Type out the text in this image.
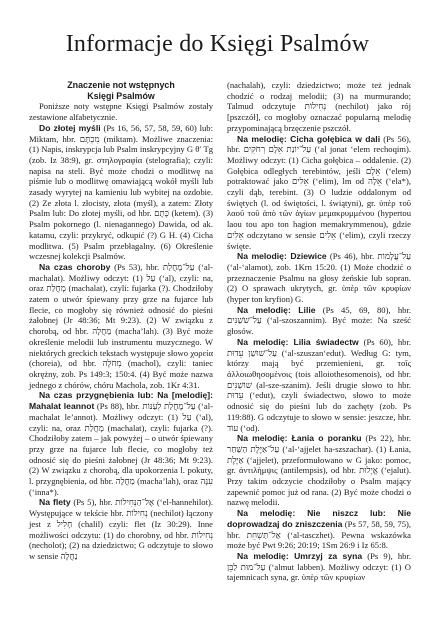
Informacje do Księgi Psalmów
Znaczenie not wstępnych
Księgi Psalmów

Poniższe noty wstępne Księgi Psalmów zostały zestawione alfabetycznie.

Do złotej myśli (Ps 16, 56, 57, 58, 59, 60) lub: Miktam, hbr. מִכְתָּם (miktam). Możliwe znaczenia: (1) Napis, inskrypcja lub Psalm inskrypcyjny G θʹ Tg (zob. Iz 38:9), gr. στηλογραφία (stelografia); czyli: napisa na steli. Być może chodzi o modlitwę na piśmie lub o modlitwę omawiającą wokół myśli lub zasady wyrytej na kamieniu lub wybitej na ozdobie. (2) Ze złota l. złocisty, złota (myśl), a zatem: Złoty Psalm lub: Do złotej myśli, od hbr. כֶּתֶם (ketem). (3) Psalm pokornego (l. nienagannego) Dawida, od ak. katamu, czyli: przykryć, odkupić (?) G H. (4) Cicha modlitwa. (5) Psalm przebłagalny. (6) Określenie wczesnej kolekcji Psalmów.

Na czas choroby (Ps 53), hbr. עַל־מָחֲלַת (‘al-machalat). Możliwy odczyt: (1) עַל (‘al), czyli: na, oraz מָחֲלַת (machalat), czyli: fujarka (?). Chodziłoby zatem o utwór śpiewany przy grze na fujarce lub flecie, co mogłoby się również odnosić do pieśni żałobnej (Jr 48:36; Mt 9:23). (2) W związku z chorobą, od hbr. מַחֲלָה (machaʼlah). (3) Być może określenie melodii lub instrumentu muzycznego. W niektórych greckich tekstach występuje słowo χορεία (choreia), od hbr. מְחֹלָה (machol), czyli: taniec okrężny, zob. Ps 149:3; 150:4. (4) Być może nazwa jednego z chórów, chóru Machola, zob. 1Kr 4:31.

Na czas przygnębienia lub: Na [melodię]: Mahalat leannot (Ps 88), hbr. עַל־מָחֲלַת לְעַנּוֹת (‘al-machalat le’annot). Możliwy odczyt: (1) עַל (‘al), czyli: na, oraz מָחֲלַת (machalat), czyli: fujarka (?). Chodziłoby zatem – jak powyżej – o utwór śpiewany przy grze na fujarce lub flecie, co mogłoby też odnosić się do pieśni żałobnej (Jr 48:36; Mt 9:23). (2) W związku z chorobą, dla upokorzenia l. pokuty, l. przygnębienia, od hbr. מַחֲלָה (machaʼlah), oraz עִנָּה (‘inna*).

Na flety (Ps 5), hbr. אֶל־הַנְּחִילוֹת (‘el-hannehilot). Występujące w tekście hbr. נְחִילוֹת (nechilot) łączony jest z חָלִיל (chalil) czyli: flet (Iz 30:29). Inne możliwości odczytu: (1) do chorobny, od hbr. נְחִילוֹת (necholot); (2) na dziedzictwo; G odczytuje to słowo w sensie נַחֲלָה

(nachalah), czyli: dziedzictwo; może też jednak chodzić o rodzaj melodii; (3) na murmurando; Talmud odczytuje נְחִילוֹת (nechilot) jako rój [pszczół], co mogłoby oznaczać popularną melodię przypominającą brzęczenie pszczół.

Na melodię: Cicha gołębica w dali (Ps 56), hbr. עַל־יוֹנַת אֵלֶם רְחֹקִים (‘al jonat ‘elem rechoqim). Możliwy odczyt: (1) Cicha gołębica – oddalenie. (2) Gołębica odległych terebintów, jeśli אֵלֶם (‘elem) potraktować jako אֵלִים (‘elim), lm od אֵלָה (‘ela*), czyli dąb, terebint. (3) O ludzie oddalonym od świętych (l. od świętości, l. świątyni), gr. ὑπὲρ τοῦ λαοῦ τοῦ ἀπὸ τῶν ἁγίων μεμακρυμμένου (hypertou laou tou apo ton hagion memakrymmenou), gdzie אֵלִים odczytano w sensie אֵלִים (‘elim), czyli rzeczy święte.

Na melodię: Dziewice (Ps 46), hbr. עַל־עֲלָמוֹת (‘al-‘alamot), zob. 1Krn 15:20. (1) Może chodzić o przeznaczenie Psalmu na głosy żeńskie lub sopran. (2) O sprawach ukrytych, gr. ὑπὲρ τῶν κρυφίων (hyper ton kryfion) G.

Na melodię: Lilie (Ps 45, 69, 80), hbr. עַל־שֹׁשַׁנִּים (‘al-szoszannim). Być może: Na sześć głosów.

Na melodię: Lilia świadectw (Ps 60), hbr. עַל־שׁוּשַׁן עֵדוּת (‘al-szuszan‘edut). Według G: tym, którzy mają być przemienieni, gr. τοῖς ἀλλοιωθησομένοις (tois alloiothesomenois), od hbr. שׁוֹשַׁנִּים (al-sze-szanim). Jeśli drugie słowo to hbr. עֵדוּת (‘edut), czyli świadectwo, słowo to może odnosić się do pieśni lub do zachęty (zob. Ps 119:88). G odczytuje to słowo w sensie: jeszcze, hbr. עוֹד (‘od).

Na melodię: Łania o poranku (Ps 22), hbr. עַל־אַיֶּלֶת הַשַּׁחַר (‘al-‘ajjelet ha-szszachar). (1) Łania, אַיֶּלֶת (‘ajjelet), przeformułowano w G jako: pomoc, gr. ἀντιλήμψις (antilempsis), od hbr. אֱיָלוּת (‘ejalut). Przy takim odczycie chodziłoby o Psalm mający zapewnić pomoc już od rana. (2) Być może chodzi o nazwę melodii.

Na melodię: Nie niszcz lub: Nie doprowadzaj do zniszczenia (Ps 57, 58, 59, 75), hbr. אַל־תַּשְׁחֵת (‘al-tasczhet). Pewna wskazówka może być Pwt 9:26; 20:19; 1Sm 26:9 i Iz 65:8.

Na melodię: Umrzyj za syna (Ps 9), hbr. עַל־מוּת לַבֵּן (‘almut labben). Możliwy odczyt: (1) O tajemnicach syna, gr. ὑπὲρ τῶν κρυφίων
